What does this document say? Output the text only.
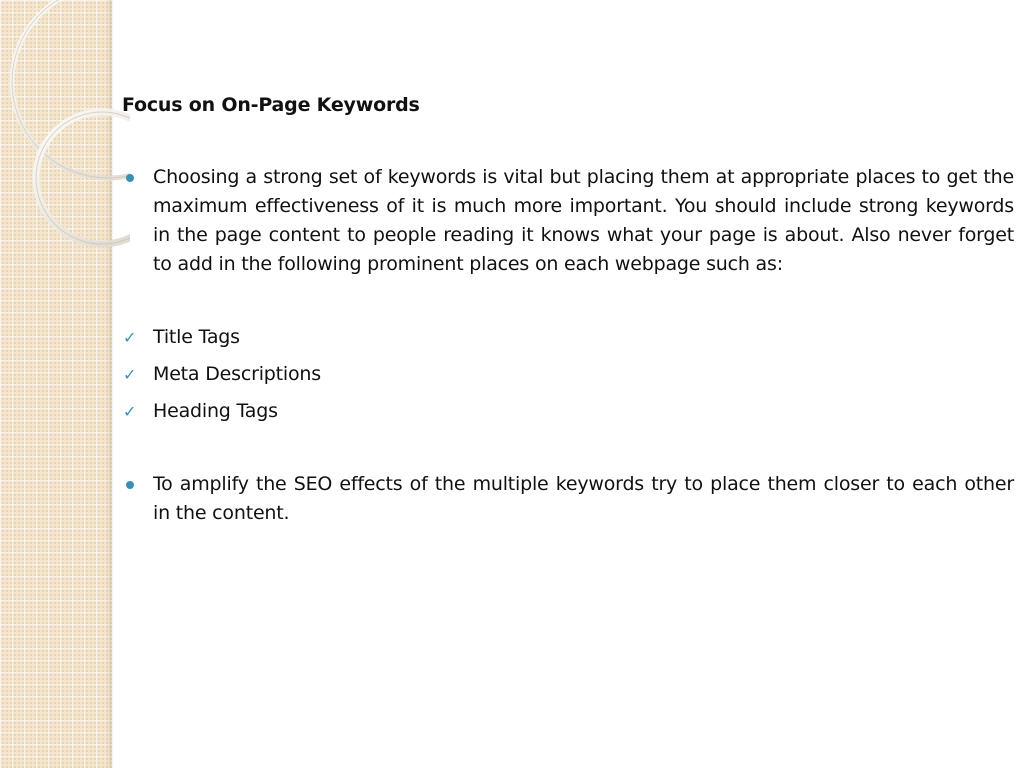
Focus on On-Page Keywords
Choosing a strong set of keywords is vital but placing them at appropriate places to get the maximum effectiveness of it is much more important. You should include strong keywords in the page content to people reading it knows what your page is about. Also never forget to add in the following prominent places on each webpage such as:
✓ Title Tags
✓ Meta Descriptions
✓ Heading Tags
To amplify the SEO effects of the multiple keywords try to place them closer to each other in the content.
